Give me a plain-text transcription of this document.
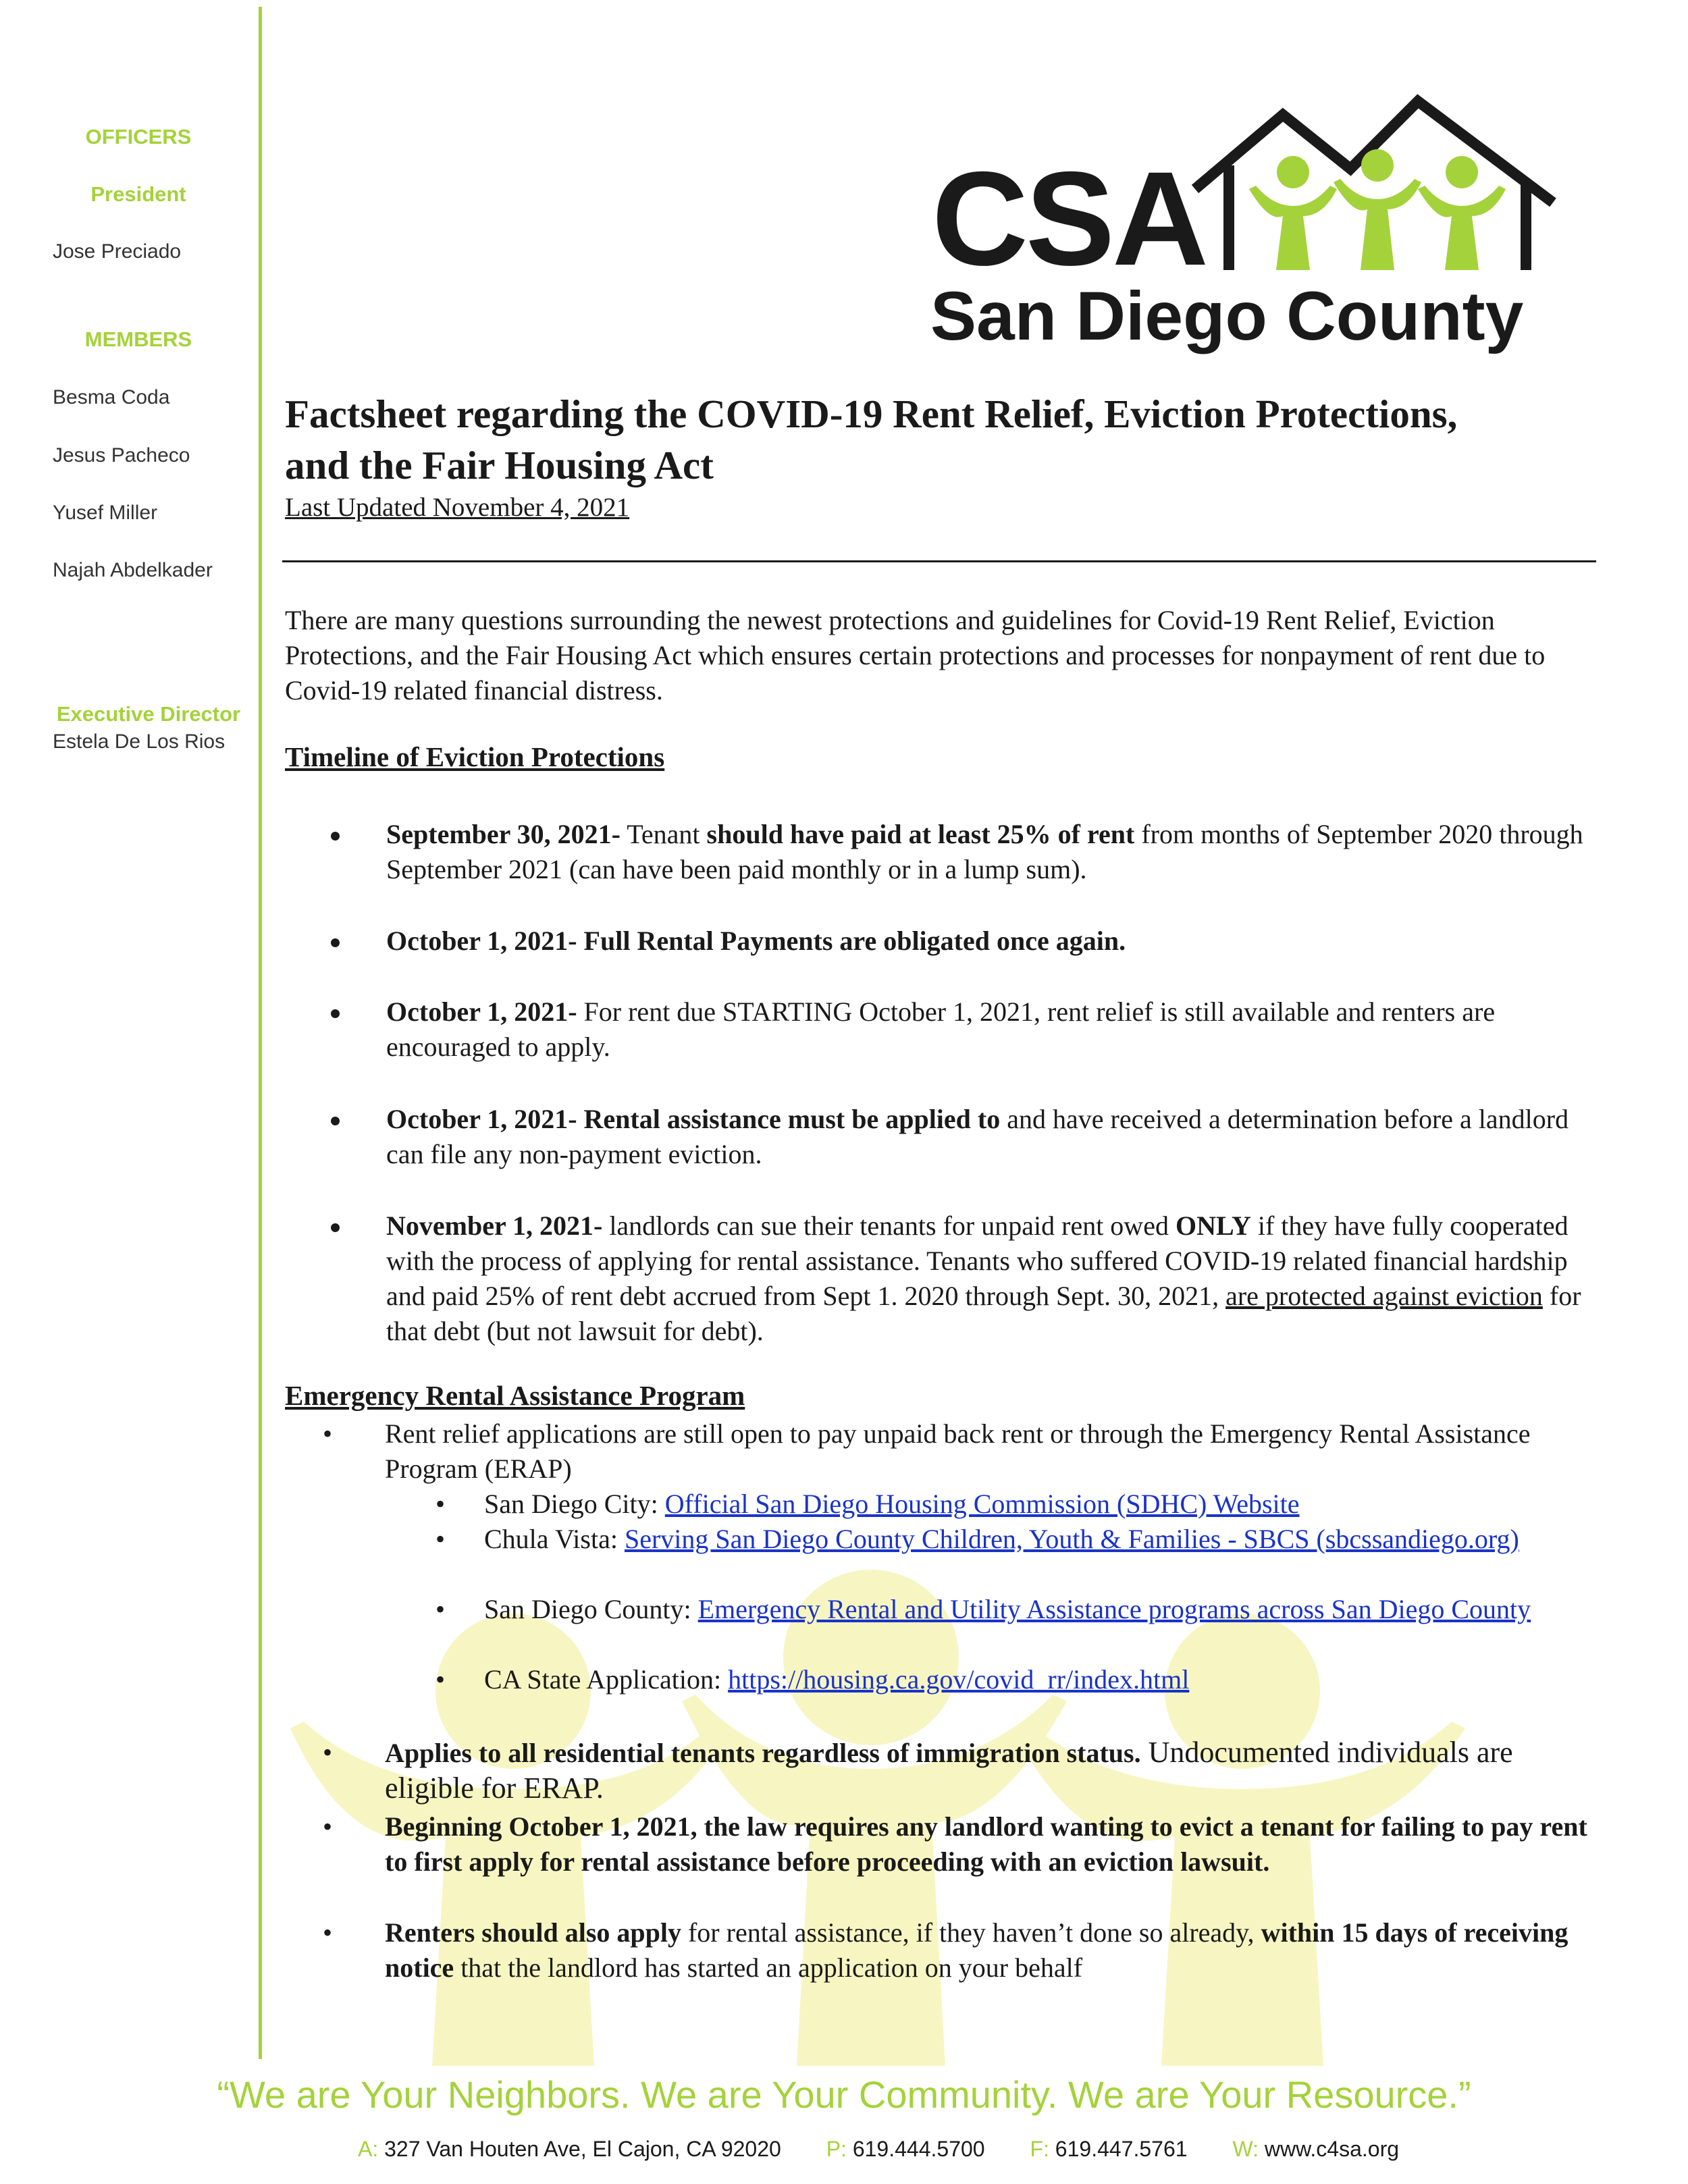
OFFICERS
President
Jose Preciado
MEMBERS
Besma Coda
Jesus Pacheco
Yusef Miller
Najah Abdelkader
Executive Director
Estela De Los Rios
CSA
San Diego County
Factsheet regarding the COVID-19 Rent Relief, Eviction Protections,
and the Fair Housing Act
Last Updated November 4, 2021
There are many questions surrounding the newest protections and guidelines for Covid-19 Rent Relief, Eviction Protections, and the Fair Housing Act which ensures certain protections and processes for nonpayment of rent due to Covid-19 related financial distress.
Timeline of Eviction Protections
September 30, 2021- Tenant should have paid at least 25% of rent from months of September 2020 through September 2021 (can have been paid monthly or in a lump sum).
October 1, 2021- Full Rental Payments are obligated once again.
October 1, 2021- For rent due STARTING October 1, 2021, rent relief is still available and renters are encouraged to apply.
October 1, 2021- Rental assistance must be applied to and have received a determination before a landlord can file any non-payment eviction.
November 1, 2021- landlords can sue their tenants for unpaid rent owed ONLY if they have fully cooperated with the process of applying for rental assistance. Tenants who suffered COVID-19 related financial hardship and paid 25% of rent debt accrued from Sept 1. 2020 through Sept. 30, 2021, are protected against eviction for that debt (but not lawsuit for debt).
Emergency Rental Assistance Program
• Rent relief applications are still open to pay unpaid back rent or through the Emergency Rental Assistance Program (ERAP)
• San Diego City: Official San Diego Housing Commission (SDHC) Website
• Chula Vista: Serving San Diego County Children, Youth & Families - SBCS (sbcssandiego.org)
• San Diego County: Emergency Rental and Utility Assistance programs across San Diego County
• CA State Application: https://housing.ca.gov/covid_rr/index.html
• Applies to all residential tenants regardless of immigration status. Undocumented individuals are eligible for ERAP.
• Beginning October 1, 2021, the law requires any landlord wanting to evict a tenant for failing to pay rent to first apply for rental assistance before proceeding with an eviction lawsuit.
• Renters should also apply for rental assistance, if they haven’t done so already, within 15 days of receiving notice that the landlord has started an application on your behalf
“We are Your Neighbors. We are Your Community. We are Your Resource.”
A: 327 Van Houten Ave, El Cajon, CA 92020 P: 619.444.5700 F: 619.447.5761 W: www.c4sa.org
